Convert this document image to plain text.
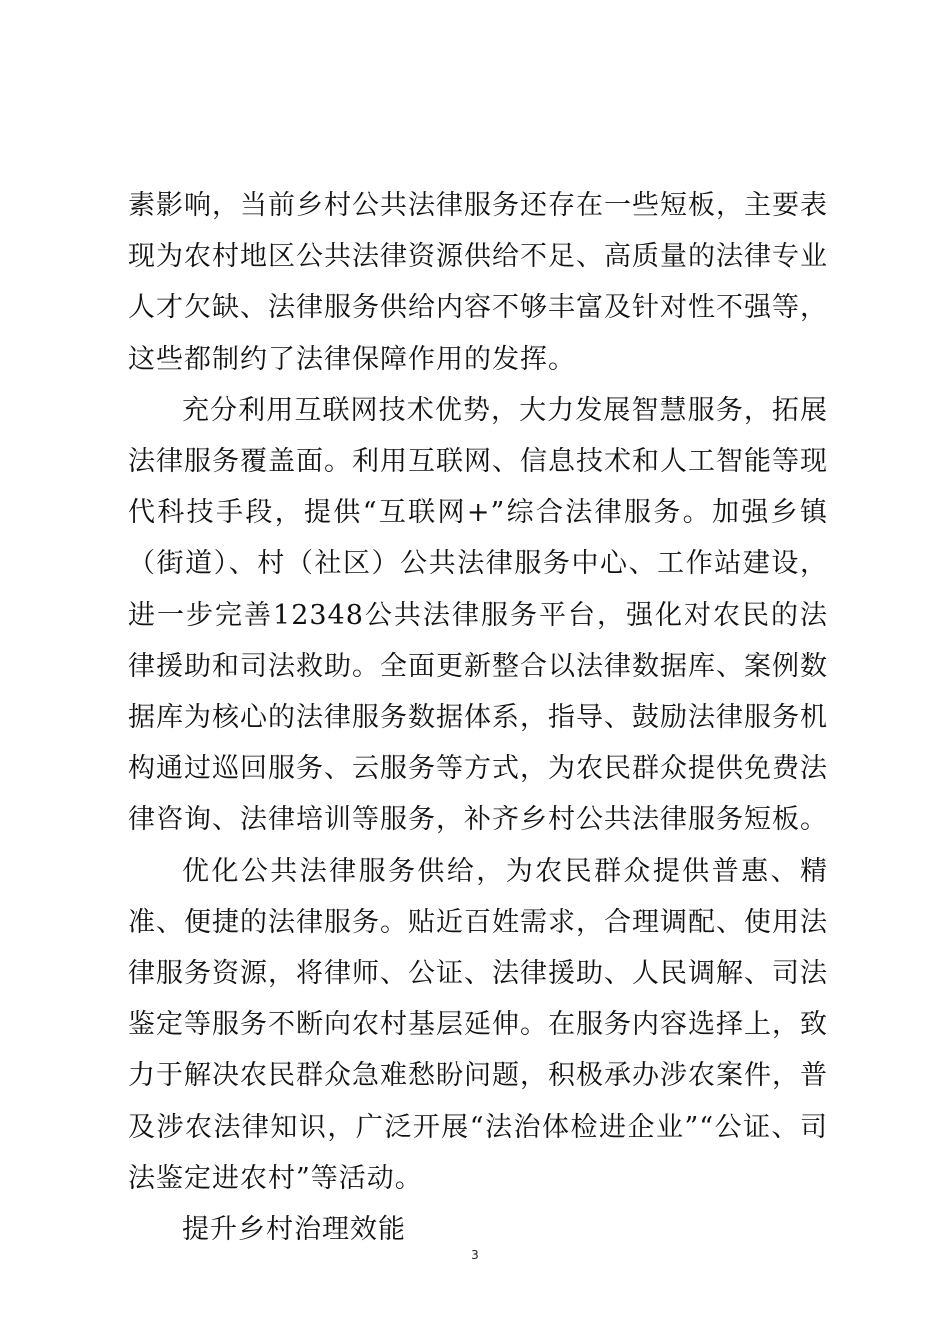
素影响，当前乡村公共法律服务还存在一些短板，主要表现为农村地区公共法律资源供给不足、高质量的法律专业人才欠缺、法律服务供给内容不够丰富及针对性不强等，这些都制约了法律保障作用的发挥。

充分利用互联网技术优势，大力发展智慧服务，拓展法律服务覆盖面。利用互联网、信息技术和人工智能等现代科技手段，提供“互联网+”综合法律服务。加强乡镇（街道）、村（社区）公共法律服务中心、工作站建设，进一步完善12348公共法律服务平台，强化对农民的法律援助和司法救助。全面更新整合以法律数据库、案例数据库为核心的法律服务数据体系，指导、鼓励法律服务机构通过巡回服务、云服务等方式，为农民群众提供免费法律咨询、法律培训等服务，补齐乡村公共法律服务短板。

优化公共法律服务供给，为农民群众提供普惠、精准、便捷的法律服务。贴近百姓需求，合理调配、使用法律服务资源，将律师、公证、法律援助、人民调解、司法鉴定等服务不断向农村基层延伸。在服务内容选择上，致力于解决农民群众急难愁盼问题，积极承办涉农案件，普及涉农法律知识，广泛开展“法治体检进企业”“公证、司法鉴定进农村”等活动。

提升乡村治理效能

3
